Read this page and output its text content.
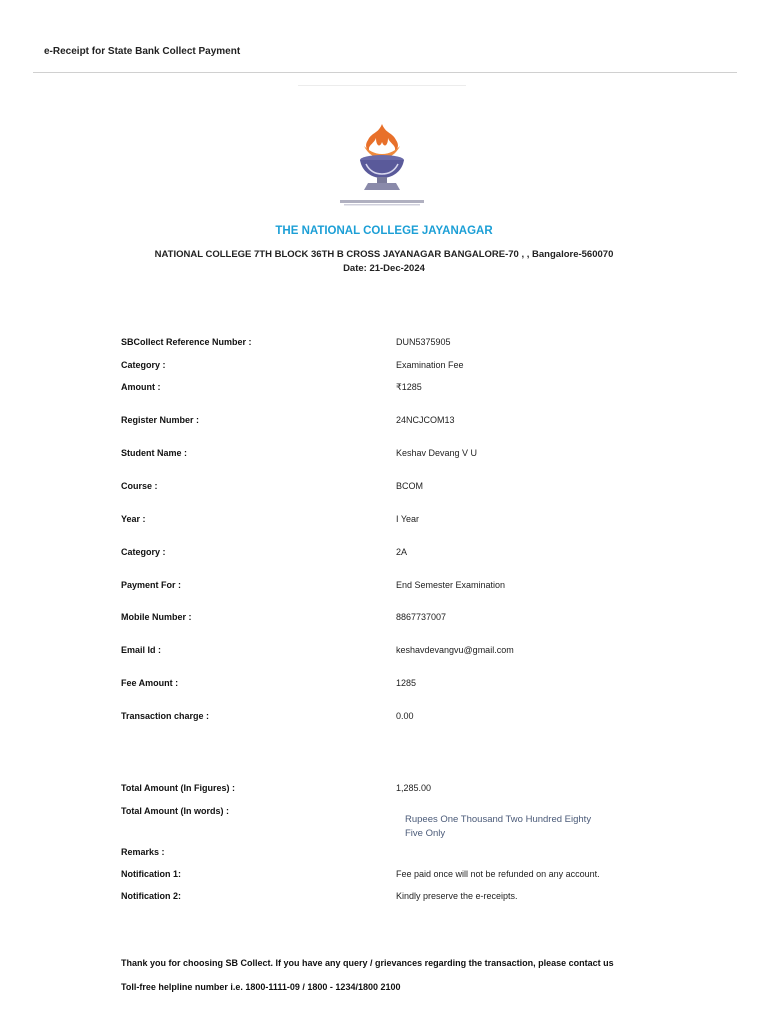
e-Receipt for State Bank Collect Payment
THE NATIONAL COLLEGE JAYANAGAR
NATIONAL COLLEGE 7TH BLOCK 36TH B CROSS JAYANAGAR BANGALORE-70 , , Bangalore-560070
Date: 21-Dec-2024
SBCollect Reference Number :	DUN5375905
Category :	Examination Fee
Amount :	₹1285
Register Number :	24NCJCOM13
Student Name :	Keshav Devang V U
Course :	BCOM
Year :	I Year
Category :	2A
Payment For :	End Semester Examination
Mobile Number :	8867737007
Email Id :	keshavdevangvu@gmail.com
Fee Amount :	1285
Transaction charge :	0.00
Total Amount (In Figures) :	1,285.00
Total Amount (In words) :
Rupees One Thousand Two Hundred Eighty Five Only
Remarks :
Notification 1:	Fee paid once will not be refunded on any account.
Notification 2:	Kindly preserve the e-receipts.
Thank you for choosing SB Collect. If you have any query / grievances regarding the transaction, please contact us
Toll-free helpline number i.e. 1800-1111-09 / 1800 - 1234/1800 2100
